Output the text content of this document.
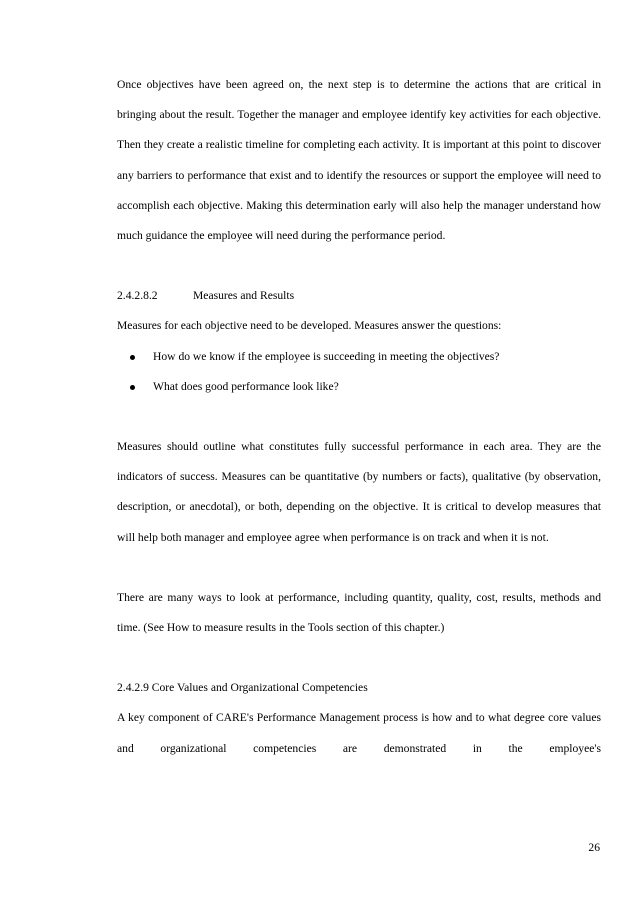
Once objectives have been agreed on, the next step is to determine the actions that are critical in bringing about the result. Together the manager and employee identify key activities for each objective. Then they create a realistic timeline for completing each activity. It is important at this point to discover any barriers to performance that exist and to identify the resources or support the employee will need to accomplish each objective. Making this determination early will also help the manager understand how much guidance the employee will need during the performance period.

2.4.2.8.2	Measures and Results

Measures for each objective need to be developed. Measures answer the questions:

How do we know if the employee is succeeding in meeting the objectives?
What does good performance look like?

Measures should outline what constitutes fully successful performance in each area. They are the indicators of success. Measures can be quantitative (by numbers or facts), qualitative (by observation, description, or anecdotal), or both, depending on the objective. It is critical to develop measures that will help both manager and employee agree when performance is on track and when it is not.

There are many ways to look at performance, including quantity, quality, cost, results, methods and time. (See How to measure results in the Tools section of this chapter.)

2.4.2.9 Core Values and Organizational Competencies

A key component of CARE's Performance Management process is how and to what degree core values and organizational competencies are demonstrated in the employee's

26
